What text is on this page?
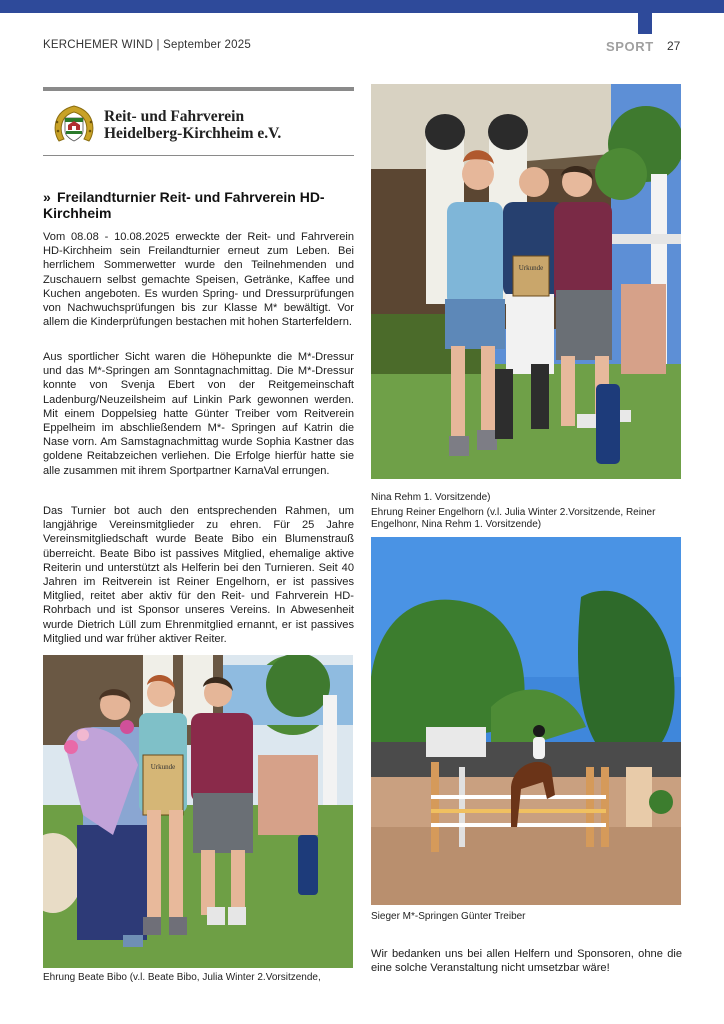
KERCHEMER WIND | September 2025	SPORT 27
Reit- und Fahrverein
Heidelberg-Kirchheim e.V.
» Freilandturnier Reit- und Fahrverein HD-Kirchheim

Vom 08.08 - 10.08.2025 erweckte der Reit- und Fahrverein HD-Kirchheim sein Freilandturnier erneut zum Leben. Bei herrlichem Sommerwetter wurde den Teilnehmenden und Zuschauern selbst gemachte Speisen, Getränke, Kaffee und Kuchen angeboten. Es wurden Spring- und Dressurprüfungen von Nachwuchsprüfungen bis zur Klasse M* bewältigt. Vor allem die Kinderprüfungen bestachen mit hohen Starterfeldern.

Aus sportlicher Sicht waren die Höhepunkte die M*-Dressur und das M*-Springen am Sonntagnachmittag. Die M*-Dressur konnte von Svenja Ebert von der Reitgemeinschaft Ladenburg/Neuzeilsheim auf Linkin Park gewonnen werden. Mit einem Doppelsieg hatte Günter Treiber vom Reitverein Eppelheim im abschließendem M*- Springen auf Katrin die Nase vorn. Am Samstagnachmittag wurde Sophia Kastner das goldene Reitabzeichen verliehen. Die Erfolge hierfür hatte sie alle zusammen mit ihrem Sportpartner KarnaVal errungen.

Das Turnier bot auch den entsprechenden Rahmen, um langjährige Vereinsmitglieder zu ehren. Für 25 Jahre Vereinsmitgliedschaft wurde Beate Bibo ein Blumenstrauß überreicht. Beate Bibo ist passives Mitglied, ehemalige aktive Reiterin und unterstützt als Helferin bei den Turnieren. Seit 40 Jahren im Reitverein ist Reiner Engelhorn, er ist passives Mitglied, reitet aber aktiv für den Reit- und Fahrverein HD-Rohrbach und ist Sponsor unseres Vereins. In Abwesenheit wurde Dietrich Lüll zum Ehrenmitglied ernannt, er ist passives Mitglied und war früher aktiver Reiter.

Urkunde
Nina Rehm 1. Vorsitzende)
Ehrung Reiner Engelhorn (v.l. Julia Winter 2.Vorsitzende, Reiner Engelhonr, Nina Rehm 1. Vorsitzende)
Sieger M*-Springen Günter Treiber
Urkunde
Ehrung Beate Bibo (v.l. Beate Bibo, Julia Winter 2.Vorsitzende,

Wir bedanken uns bei allen Helfern und Sponsoren, ohne die eine solche Veranstaltung nicht umsetzbar wäre!
